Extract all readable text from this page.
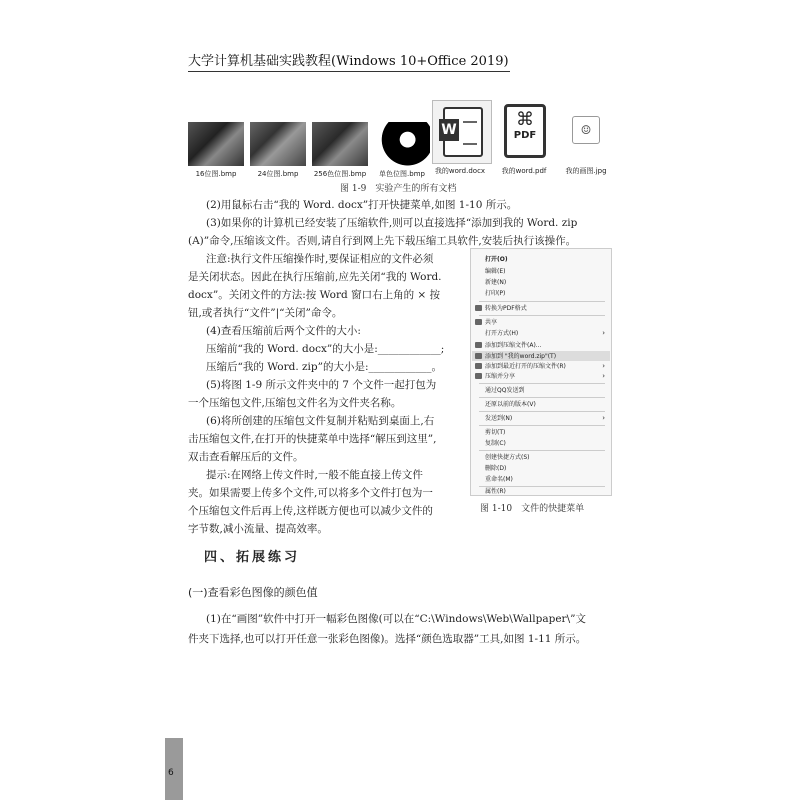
大学计算机基础实践教程(Windows 10+Office 2019)
16位图.bmp	24位图.bmp	256色位图.bmp	单色位图.bmp
W
我的word.docx
⌘
PDF
我的word.pdf
☺
我的画图.jpg
图 1-9　实验产生的所有文档
(2)用鼠标右击“我的 Word. docx”打开快捷菜单,如图 1-10 所示。
(3)如果你的计算机已经安装了压缩软件,则可以直接选择“添加到我的 Word. zip
(A)”命令,压缩该文件。否则,请自行到网上先下载压缩工具软件,安装后执行该操作。
注意:执行文件压缩操作时,要保证相应的文件必须
是关闭状态。因此在执行压缩前,应先关闭“我的 Word.
docx”。关闭文件的方法:按 Word 窗口右上角的 × 按
钮,或者执行“文件”|“关闭”命令。
(4)查看压缩前后两个文件的大小:
压缩前“我的 Word. docx”的大小是:____________;
压缩后“我的 Word. zip”的大小是:____________。
(5)将图 1-9 所示文件夹中的 7 个文件一起打包为
一个压缩包文件,压缩包文件名为文件夹名称。
(6)将所创建的压缩包文件复制并粘贴到桌面上,右
击压缩包文件,在打开的快捷菜单中选择“解压到这里”,
双击查看解压后的文件。
提示:在网络上传文件时,一般不能直接上传文件
夹。如果需要上传多个文件,可以将多个文件打包为一
个压缩包文件后再上传,这样既方便也可以减少文件的
字节数,减小流量、提高效率。
打开(O)
编辑(E)
新建(N)
打印(P)
转换为PDF格式
共享
打开方式(H)	›
添加到压缩文件(A)...
添加到 "我的word.zip"(T)
添加到最近打开的压缩文件(R)	›
压缩并分享	›
通过QQ发送到
还原以前的版本(V)
发送到(N)	›
剪切(T)
复制(C)
创建快捷方式(S)
删除(D)
重命名(M)
属性(R)
图 1-10　文件的快捷菜单
四、拓展练习
(一)查看彩色图像的颜色值
(1)在“画图”软件中打开一幅彩色图像(可以在“C:\Windows\Web\Wallpaper\”文
件夹下选择,也可以打开任意一张彩色图像)。选择“颜色选取器”工具,如图 1-11 所示。
6
